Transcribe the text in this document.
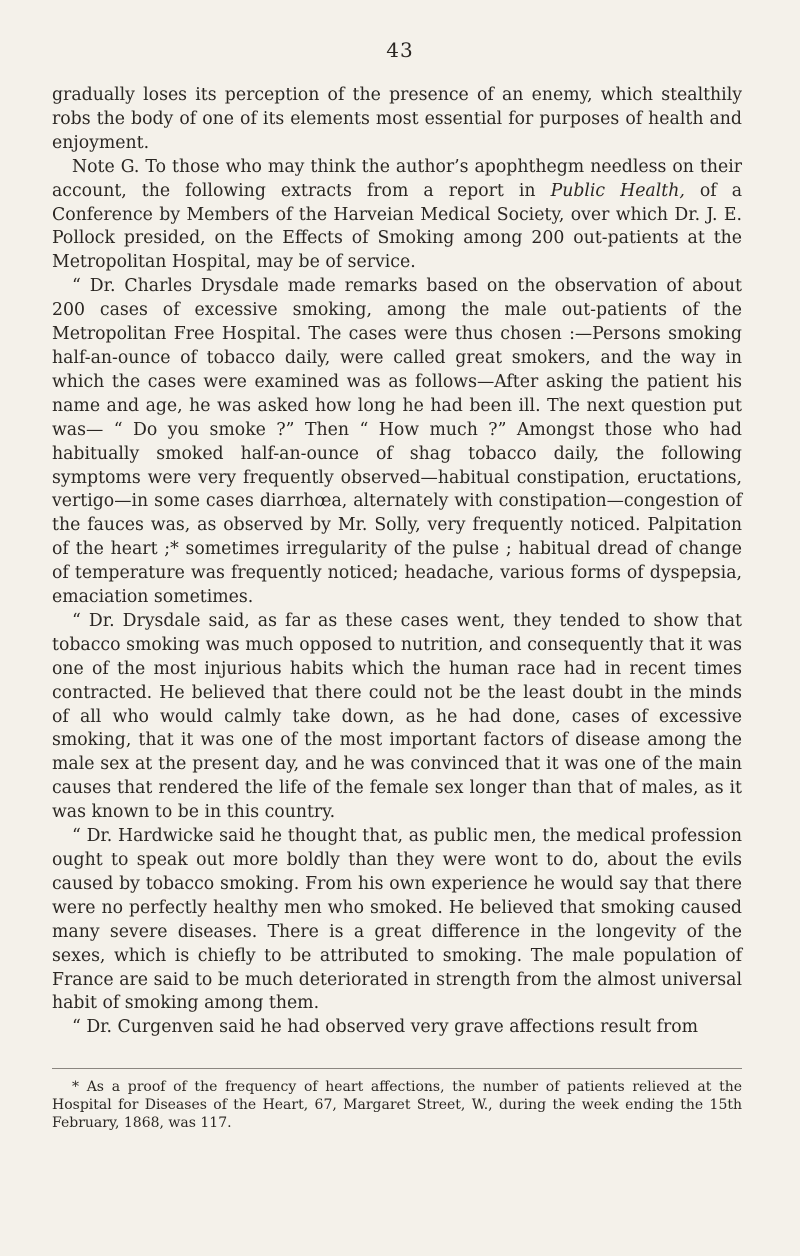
43

gradually loses its perception of the presence of an enemy, which stealthily robs the body of one of its elements most essential for purposes of health and enjoyment.

Note G. To those who may think the author’s apophthegm needless on their account, the following extracts from a report in Public Health, of a Conference by Members of the Harveian Medical Society, over which Dr. J. E. Pollock presided, on the Effects of Smoking among 200 out-patients at the Metropolitan Hospital, may be of service.

“ Dr. Charles Drysdale made remarks based on the observation of about 200 cases of excessive smoking, among the male out-patients of the Metropolitan Free Hospital. The cases were thus chosen :—Persons smoking half-an-ounce of tobacco daily, were called great smokers, and the way in which the cases were examined was as follows—After asking the patient his name and age, he was asked how long he had been ill. The next question put was— “ Do you smoke ?” Then “ How much ?” Amongst those who had habitually smoked half-an-ounce of shag tobacco daily, the following symptoms were very frequently observed—habitual constipation, eructations, vertigo—in some cases diarrhœa, alternately with constipation—congestion of the fauces was, as observed by Mr. Solly, very frequently noticed. Palpitation of the heart ;* sometimes irregularity of the pulse ; habitual dread of change of temperature was frequently noticed; headache, various forms of dyspepsia, emaciation sometimes.

“ Dr. Drysdale said, as far as these cases went, they tended to show that tobacco smoking was much opposed to nutrition, and consequently that it was one of the most injurious habits which the human race had in recent times contracted. He believed that there could not be the least doubt in the minds of all who would calmly take down, as he had done, cases of excessive smoking, that it was one of the most important factors of disease among the male sex at the present day, and he was convinced that it was one of the main causes that rendered the life of the female sex longer than that of males, as it was known to be in this country.

“ Dr. Hardwicke said he thought that, as public men, the medical profession ought to speak out more boldly than they were wont to do, about the evils caused by tobacco smoking. From his own experience he would say that there were no perfectly healthy men who smoked. He believed that smoking caused many severe diseases. There is a great difference in the longevity of the sexes, which is chiefly to be attributed to smoking. The male population of France are said to be much deteriorated in strength from the almost universal habit of smoking among them.

“ Dr. Curgenven said he had observed very grave affections result from

* As a proof of the frequency of heart affections, the number of patients relieved at the Hospital for Diseases of the Heart, 67, Margaret Street, W., during the week ending the 15th February, 1868, was 117.
